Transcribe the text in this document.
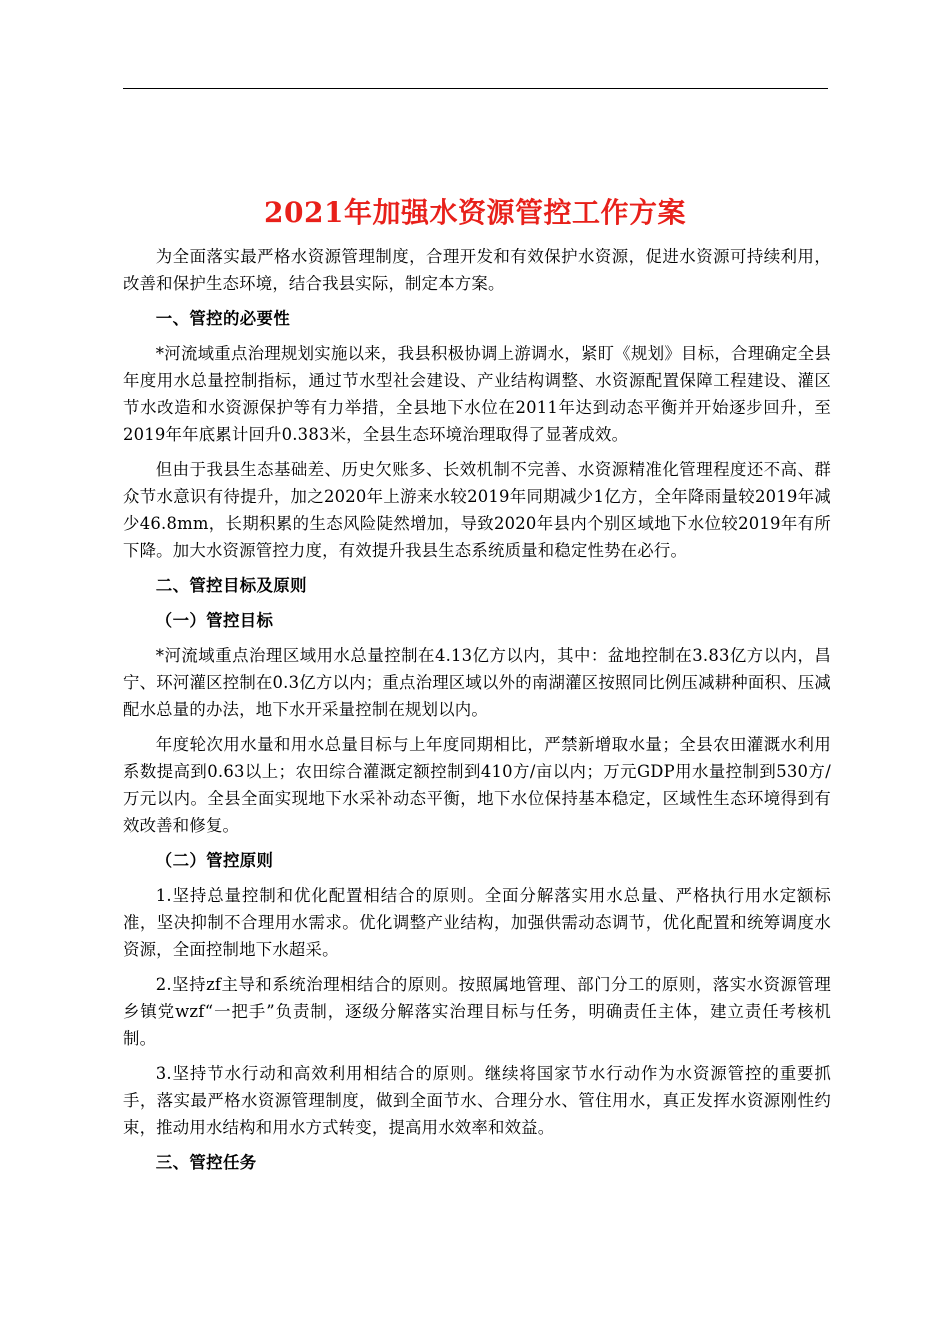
2021年加强水资源管控工作方案

为全面落实最严格水资源管理制度，合理开发和有效保护水资源，促进水资源可持续利用，改善和保护生态环境，结合我县实际，制定本方案。

一、管控的必要性

*河流域重点治理规划实施以来，我县积极协调上游调水，紧盯《规划》目标，合理确定全县年度用水总量控制指标，通过节水型社会建设、产业结构调整、水资源配置保障工程建设、灌区节水改造和水资源保护等有力举措，全县地下水位在2011年达到动态平衡并开始逐步回升，至2019年年底累计回升0.383米，全县生态环境治理取得了显著成效。

但由于我县生态基础差、历史欠账多、长效机制不完善、水资源精准化管理程度还不高、群众节水意识有待提升，加之2020年上游来水较2019年同期减少1亿方，全年降雨量较2019年减少46.8mm，长期积累的生态风险陡然增加，导致2020年县内个别区域地下水位较2019年有所下降。加大水资源管控力度，有效提升我县生态系统质量和稳定性势在必行。

二、管控目标及原则

（一）管控目标

*河流域重点治理区域用水总量控制在4.13亿方以内，其中：盆地控制在3.83亿方以内，昌宁、环河灌区控制在0.3亿方以内；重点治理区域以外的南湖灌区按照同比例压减耕种面积、压减配水总量的办法，地下水开采量控制在规划以内。

年度轮次用水量和用水总量目标与上年度同期相比，严禁新增取水量；全县农田灌溉水利用系数提高到0.63以上；农田综合灌溉定额控制到410方/亩以内；万元GDP用水量控制到530方/万元以内。全县全面实现地下水采补动态平衡，地下水位保持基本稳定，区域性生态环境得到有效改善和修复。

（二）管控原则

1.坚持总量控制和优化配置相结合的原则。全面分解落实用水总量、严格执行用水定额标准，坚决抑制不合理用水需求。优化调整产业结构，加强供需动态调节，优化配置和统筹调度水资源，全面控制地下水超采。

2.坚持zf主导和系统治理相结合的原则。按照属地管理、部门分工的原则，落实水资源管理乡镇党wzf“一把手”负责制，逐级分解落实治理目标与任务，明确责任主体，建立责任考核机制。

3.坚持节水行动和高效利用相结合的原则。继续将国家节水行动作为水资源管控的重要抓手，落实最严格水资源管理制度，做到全面节水、合理分水、管住用水，真正发挥水资源刚性约束，推动用水结构和用水方式转变，提高用水效率和效益。

三、管控任务
